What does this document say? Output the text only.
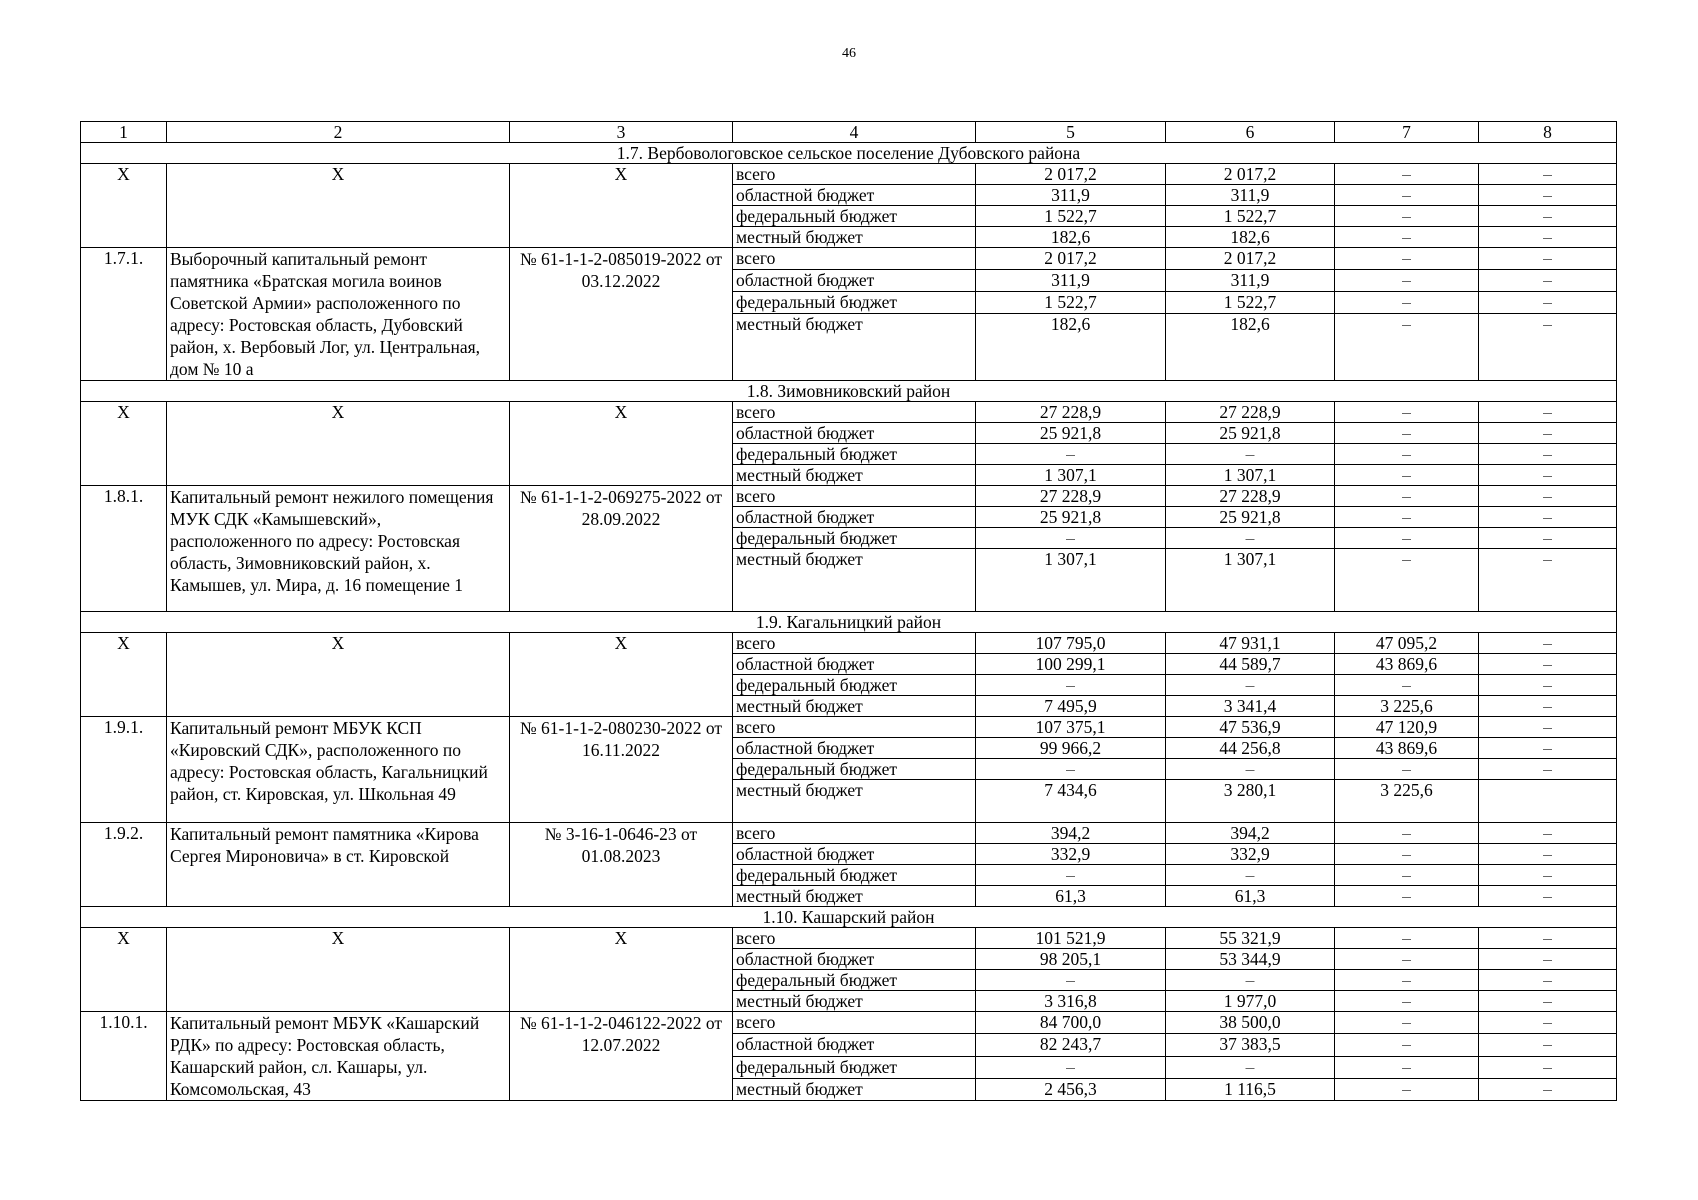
46
1	2	3	4	5	6	7	8
1.7. Вербовологовское сельское поселение Дубовского района							
X	X	X	всего	2 017,2	2 017,2	–	–
			областной бюджет	311,9	311,9	–	–
			федеральный бюджет	1 522,7	1 522,7	–	–
			местный бюджет	182,6	182,6	–	–
1.7.1.	Выборочный капитальный ремонт памятника «Братская могила воинов Советской Армии» расположенного по адресу: Ростовская область, Дубовский район, х. Вербовый Лог, ул. Центральная, дом № 10 а	№ 61-1-1-2-085019-2022 от 03.12.2022	всего	2 017,2	2 017,2	–	–
			областной бюджет	311,9	311,9	–	–
			федеральный бюджет	1 522,7	1 522,7	–	–
			местный бюджет	182,6	182,6	–	–
1.8. Зимовниковский район							
X	X	X	всего	27 228,9	27 228,9	–	–
			областной бюджет	25 921,8	25 921,8	–	–
			федеральный бюджет	–	–	–	–
			местный бюджет	1 307,1	1 307,1	–	–
1.8.1.	Капитальный ремонт нежилого помещения МУК СДК «Камышевский», расположенного по адресу: Ростовская область, Зимовниковский район, х. Камышев, ул. Мира, д. 16 помещение 1	№ 61-1-1-2-069275-2022 от 28.09.2022	всего	27 228,9	27 228,9	–	–
			областной бюджет	25 921,8	25 921,8	–	–
			федеральный бюджет	–	–	–	–
			местный бюджет	1 307,1	1 307,1	–	–
1.9. Кагальницкий район							
X	X	X	всего	107 795,0	47 931,1	47 095,2	–
			областной бюджет	100 299,1	44 589,7	43 869,6	–
			федеральный бюджет	–	–	–	–
			местный бюджет	7 495,9	3 341,4	3 225,6	–
1.9.1.	Капитальный ремонт МБУК КСП «Кировский СДК», расположенного по адресу: Ростовская область, Кагальницкий район, ст. Кировская, ул. Школьная 49	№ 61-1-1-2-080230-2022 от 16.11.2022	всего	107 375,1	47 536,9	47 120,9	–
			областной бюджет	99 966,2	44 256,8	43 869,6	–
			федеральный бюджет	–	–	–	–
			местный бюджет	7 434,6	3 280,1	3 225,6	
1.9.2.	Капитальный ремонт памятника «Кирова Сергея Мироновича» в ст. Кировской	№ 3-16-1-0646-23 от 01.08.2023	всего	394,2	394,2	–	–
			областной бюджет	332,9	332,9	–	–
			федеральный бюджет	–	–	–	–
			местный бюджет	61,3	61,3	–	–
1.10. Кашарский район							
X	X	X	всего	101 521,9	55 321,9	–	–
			областной бюджет	98 205,1	53 344,9	–	–
			федеральный бюджет	–	–	–	–
			местный бюджет	3 316,8	1 977,0	–	–
1.10.1.	Капитальный ремонт МБУК «Кашарский РДК» по адресу: Ростовская область, Кашарский район, сл. Кашары, ул. Комсомольская, 43	№ 61-1-1-2-046122-2022 от 12.07.2022	всего	84 700,0	38 500,0	–	–
			областной бюджет	82 243,7	37 383,5	–	–
			федеральный бюджет	–	–	–	–
			местный бюджет	2 456,3	1 116,5	–	–
